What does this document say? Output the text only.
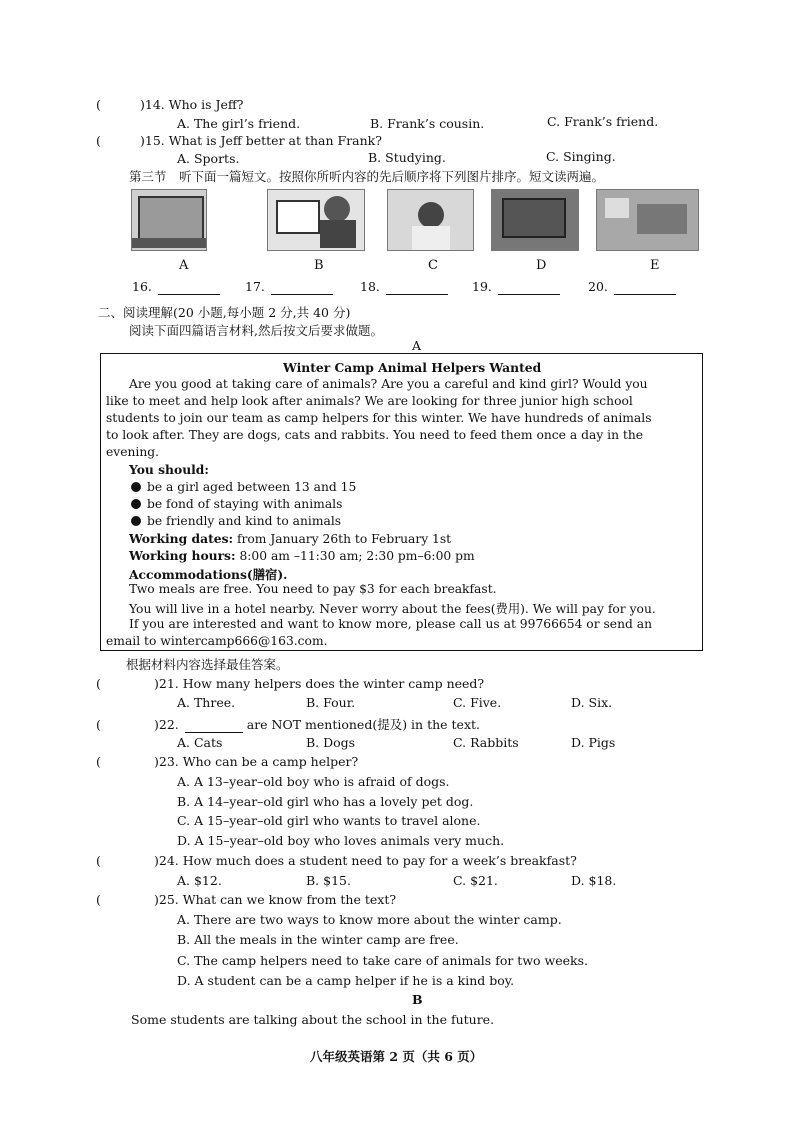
(	)14. Who is Jeff?
A. The girl’s friend.	B. Frank’s cousin.	C. Frank’s friend.
(	)15. What is Jeff better at than Frank?
A. Sports.	B. Studying.	C. Singing.
第三节　听下面一篇短文。按照你所听内容的先后顺序将下列图片排序。短文读两遍。
A	B	C	D	E
16.	17.	18.	19.	20.
二、阅读理解(20 小题,每小题 2 分,共 40 分)
阅读下面四篇语言材料,然后按文后要求做题。
A
Winter Camp Animal Helpers Wanted
Are you good at taking care of animals? Are you a careful and kind girl? Would you
like to meet and help look after animals? We are looking for three junior high school
students to join our team as camp helpers for this winter. We have hundreds of animals
to look after. They are dogs, cats and rabbits. You need to feed them once a day in the
evening.
You should:
be a girl aged between 13 and 15
be fond of staying with animals
be friendly and kind to animals
Working dates: from January 26th to February 1st
Working hours: 8:00 am –11:30 am; 2:30 pm–6:00 pm
Accommodations(膳宿).
Two meals are free. You need to pay $3 for each breakfast.
You will live in a hotel nearby. Never worry about the fees(费用). We will pay for you.
If you are interested and want to know more, please call us at 99766654 or send an
email to wintercamp666@163.com.
根据材料内容选择最佳答案。
(	)21. How many helpers does the winter camp need?
A. Three.	B. Four.	C. Five.	D. Six.
(	)22.	are NOT mentioned(提及) in the text.
A. Cats	B. Dogs	C. Rabbits	D. Pigs
(	)23. Who can be a camp helper?
A. A 13–year–old boy who is afraid of dogs.
B. A 14–year–old girl who has a lovely pet dog.
C. A 15–year–old girl who wants to travel alone.
D. A 15–year–old boy who loves animals very much.
(	)24. How much does a student need to pay for a week’s breakfast?
A. $12.	B. $15.	C. $21.	D. $18.
(	)25. What can we know from the text?
A. There are two ways to know more about the winter camp.
B. All the meals in the winter camp are free.
C. The camp helpers need to take care of animals for two weeks.
D. A student can be a camp helper if he is a kind boy.
B
Some students are talking about the school in the future.
八年级英语第 2 页（共 6 页）
